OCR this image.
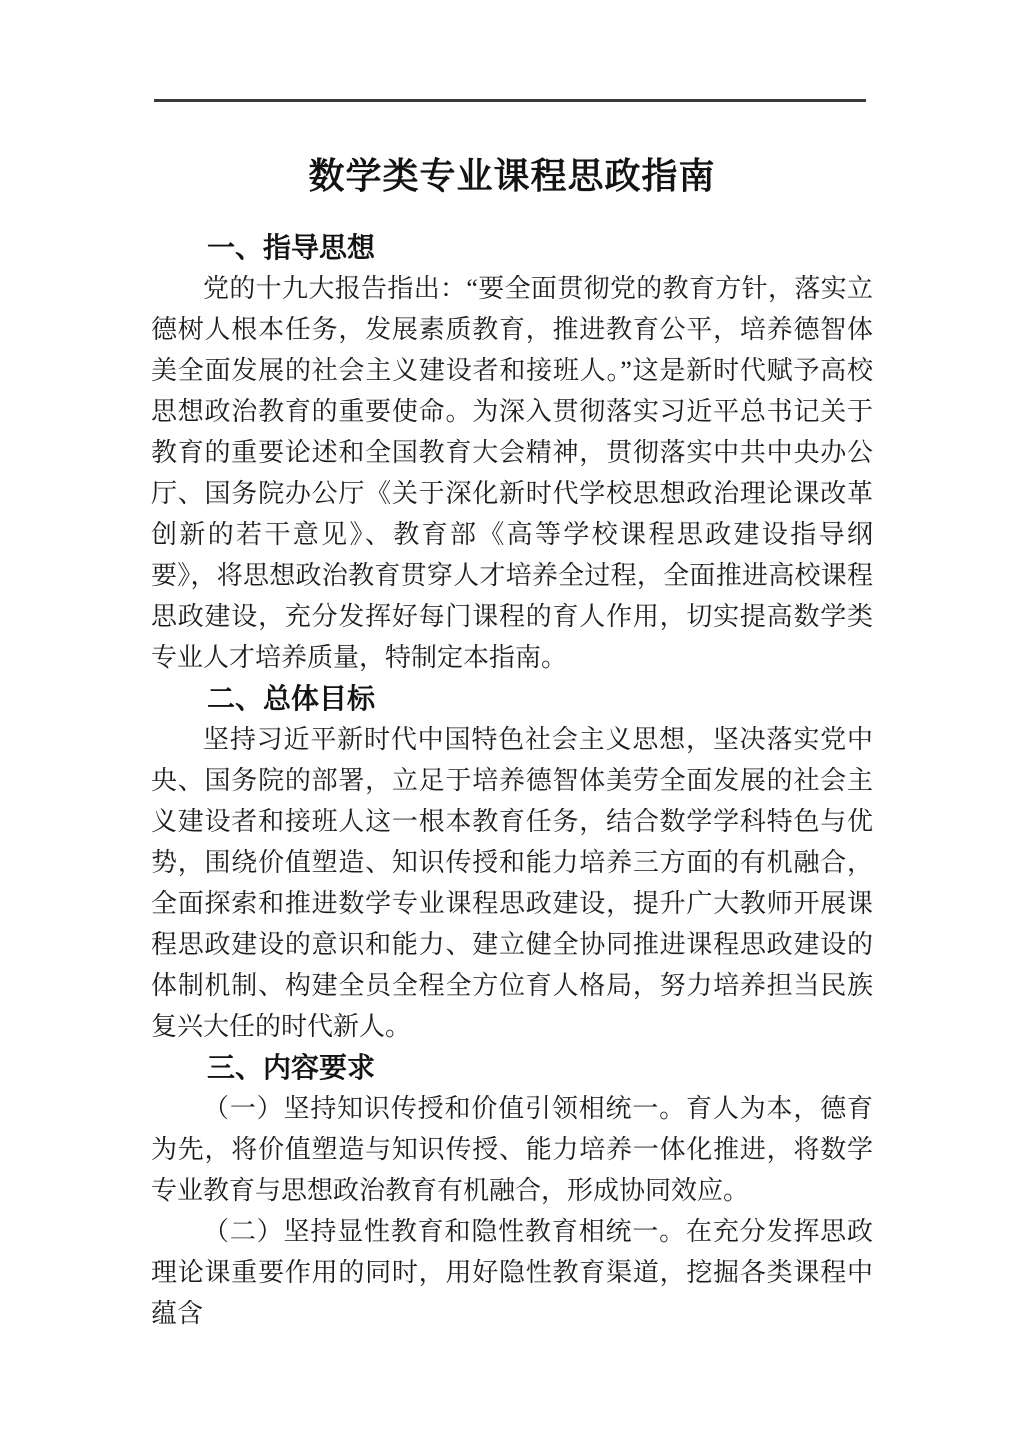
数学类专业课程思政指南
一、指导思想

党的十九大报告指出：“要全面贯彻党的教育方针，落实立德树人根本任务，发展素质教育，推进教育公平，培养德智体美全面发展的社会主义建设者和接班人。”这是新时代赋予高校思想政治教育的重要使命。为深入贯彻落实习近平总书记关于教育的重要论述和全国教育大会精神，贯彻落实中共中央办公厅、国务院办公厅《关于深化新时代学校思想政治理论课改革创新的若干意见》、教育部《高等学校课程思政建设指导纲要》，将思想政治教育贯穿人才培养全过程，全面推进高校课程思政建设，充分发挥好每门课程的育人作用，切实提高数学类专业人才培养质量，特制定本指南。

二、总体目标

坚持习近平新时代中国特色社会主义思想，坚决落实党中央、国务院的部署，立足于培养德智体美劳全面发展的社会主义建设者和接班人这一根本教育任务，结合数学学科特色与优势，围绕价值塑造、知识传授和能力培养三方面的有机融合，全面探索和推进数学专业课程思政建设，提升广大教师开展课程思政建设的意识和能力、建立健全协同推进课程思政建设的体制机制、构建全员全程全方位育人格局，努力培养担当民族复兴大任的时代新人。

三、内容要求

（一）坚持知识传授和价值引领相统一。育人为本，德育为先，将价值塑造与知识传授、能力培养一体化推进，将数学专业教育与思想政治教育有机融合，形成协同效应。

（二）坚持显性教育和隐性教育相统一。在充分发挥思政理论课重要作用的同时，用好隐性教育渠道，挖掘各类课程中蕴含
